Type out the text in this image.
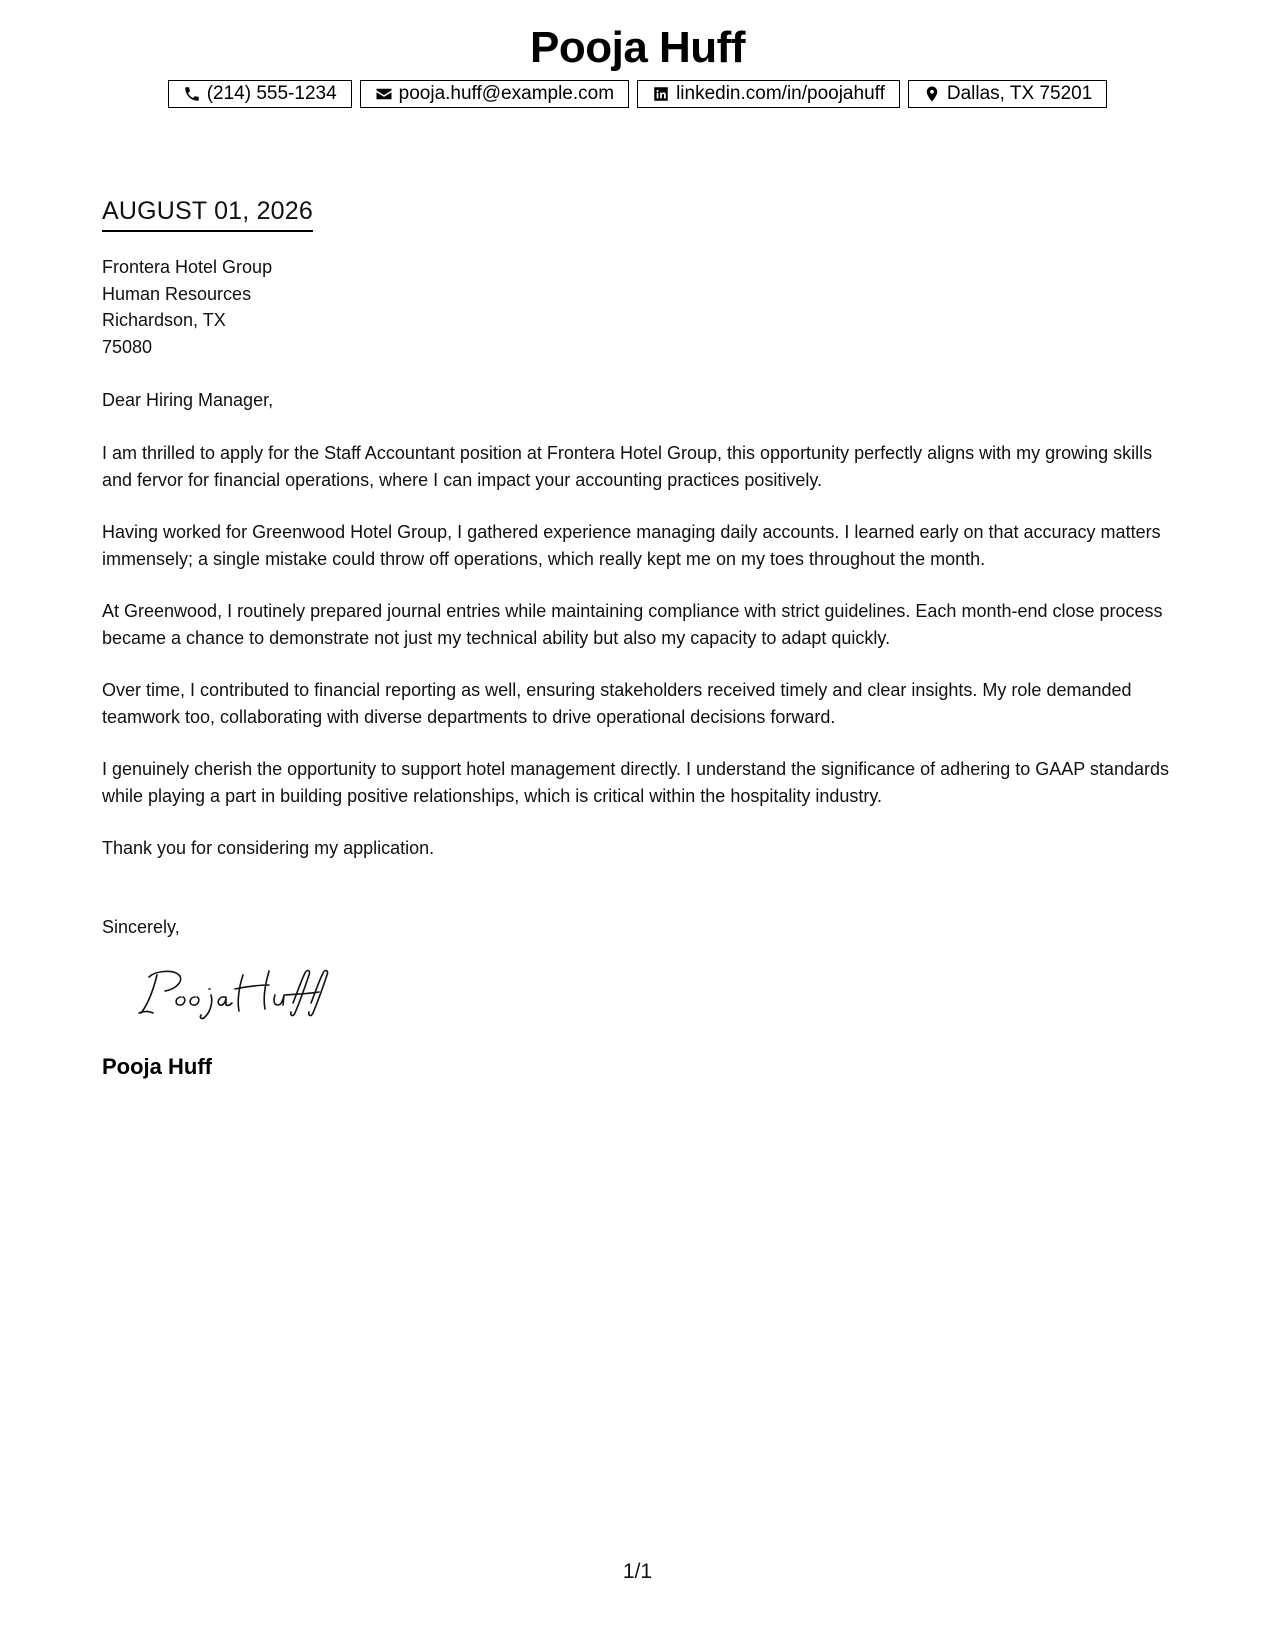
Pooja Huff
(214) 555-1234	pooja.huff@example.com	linkedin.com/in/poojahuff	Dallas, TX 75201
AUGUST 01, 2026
Frontera Hotel Group
Human Resources
Richardson, TX
75080
Dear Hiring Manager,

I am thrilled to apply for the Staff Accountant position at Frontera Hotel Group, this opportunity perfectly aligns with my growing skills and fervor for financial operations, where I can impact your accounting practices positively.

Having worked for Greenwood Hotel Group, I gathered experience managing daily accounts. I learned early on that accuracy matters immensely; a single mistake could throw off operations, which really kept me on my toes throughout the month.

At Greenwood, I routinely prepared journal entries while maintaining compliance with strict guidelines. Each month-end close process became a chance to demonstrate not just my technical ability but also my capacity to adapt quickly.

Over time, I contributed to financial reporting as well, ensuring stakeholders received timely and clear insights. My role demanded teamwork too, collaborating with diverse departments to drive operational decisions forward.

I genuinely cherish the opportunity to support hotel management directly. I understand the significance of adhering to GAAP standards while playing a part in building positive relationships, which is critical within the hospitality industry.

Thank you for considering my application.

Sincerely,
Pooja Huff
1/1
